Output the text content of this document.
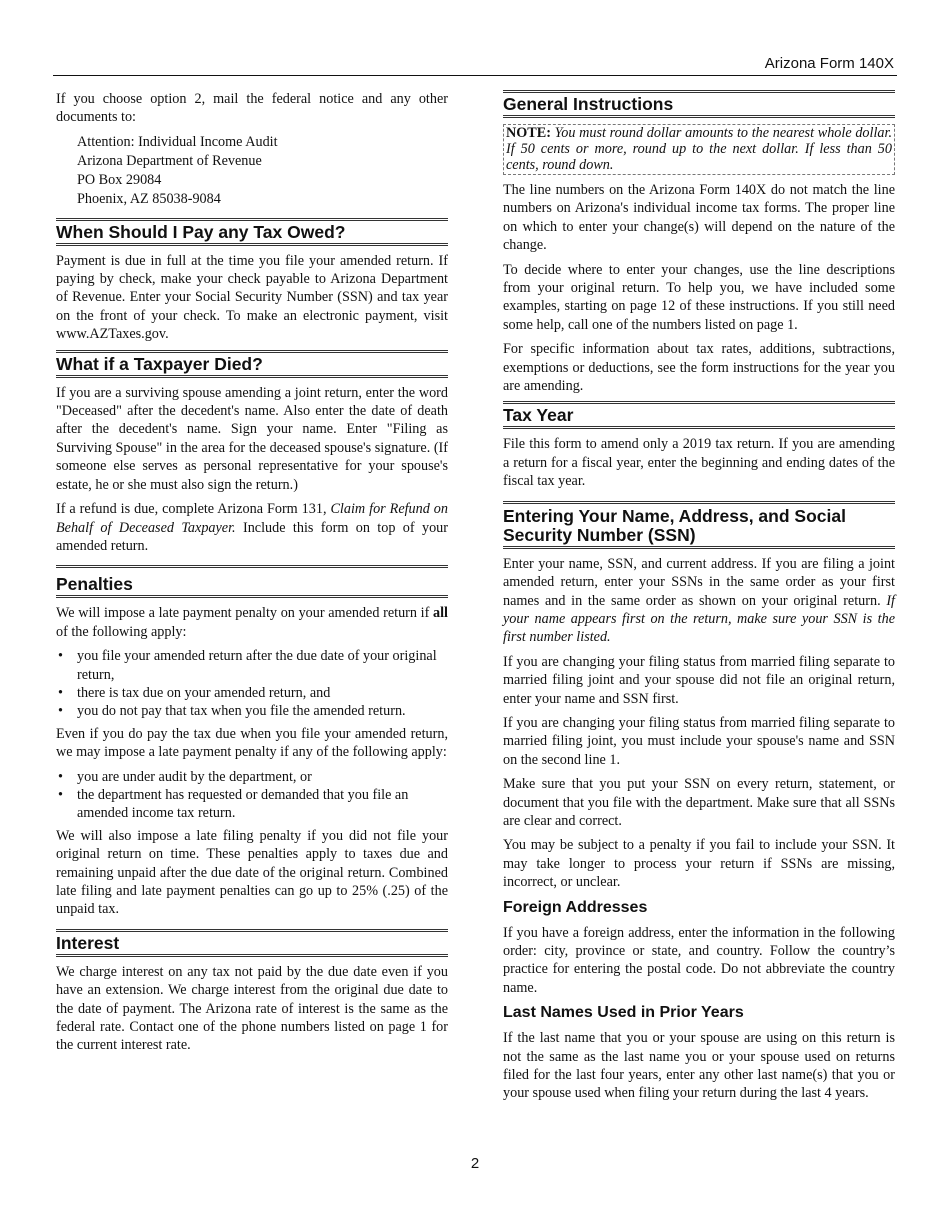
Arizona Form 140X

If you choose option 2, mail the federal notice and any other documents to:

Attention: Individual Income Audit
Arizona Department of Revenue
PO Box 29084
Phoenix, AZ 85038-9084
When Should I Pay any Tax Owed?

Payment is due in full at the time you file your amended return. If paying by check, make your check payable to Arizona Department of Revenue. Enter your Social Security Number (SSN) and tax year on the front of your check. To make an electronic payment, visit www.AZTaxes.gov.

What if a Taxpayer Died?

If you are a surviving spouse amending a joint return, enter the word "Deceased" after the decedent's name. Also enter the date of death after the decedent's name. Sign your name. Enter "Filing as Surviving Spouse" in the area for the deceased spouse's signature. (If someone else serves as personal representative for your spouse's estate, he or she must also sign the return.)

If a refund is due, complete Arizona Form 131, Claim for Refund on Behalf of Deceased Taxpayer. Include this form on top of your amended return.

Penalties

We will impose a late payment penalty on your amended return if all of the following apply:

• you file your amended return after the due date of your original return,
• there is tax due on your amended return, and
• you do not pay that tax when you file the amended return.

Even if you do pay the tax due when you file your amended return, we may impose a late payment penalty if any of the following apply:

• you are under audit by the department, or
• the department has requested or demanded that you file an amended income tax return.

We will also impose a late filing penalty if you did not file your original return on time. These penalties apply to taxes due and remaining unpaid after the due date of the original return. Combined late filing and late payment penalties can go up to 25% (.25) of the unpaid tax.

Interest

We charge interest on any tax not paid by the due date even if you have an extension. We charge interest from the original due date to the date of payment. The Arizona rate of interest is the same as the federal rate. Contact one of the phone numbers listed on page 1 for the current interest rate.

General Instructions
NOTE: You must round dollar amounts to the nearest whole dollar. If 50 cents or more, round up to the next dollar. If less than 50 cents, round down.

The line numbers on the Arizona Form 140X do not match the line numbers on Arizona's individual income tax forms. The proper line on which to enter your change(s) will depend on the nature of the change.

To decide where to enter your changes, use the line descriptions from your original return. To help you, we have included some examples, starting on page 12 of these instructions. If you still need some help, call one of the numbers listed on page 1.

For specific information about tax rates, additions, subtractions, exemptions or deductions, see the form instructions for the year you are amending.

Tax Year

File this form to amend only a 2019 tax return. If you are amending a return for a fiscal year, enter the beginning and ending dates of the fiscal tax year.

Entering Your Name, Address, and Social Security Number (SSN)

Enter your name, SSN, and current address. If you are filing a joint amended return, enter your SSNs in the same order as your first names and in the same order as shown on your original return. If your name appears first on the return, make sure your SSN is the first number listed.

If you are changing your filing status from married filing separate to married filing joint and your spouse did not file an original return, enter your name and SSN first.

If you are changing your filing status from married filing separate to married filing joint, you must include your spouse's name and SSN on the second line 1.

Make sure that you put your SSN on every return, statement, or document that you file with the department. Make sure that all SSNs are clear and correct.

You may be subject to a penalty if you fail to include your SSN. It may take longer to process your return if SSNs are missing, incorrect, or unclear.

Foreign Addresses

If you have a foreign address, enter the information in the following order: city, province or state, and country. Follow the country’s practice for entering the postal code. Do not abbreviate the country name.

Last Names Used in Prior Years

If the last name that you or your spouse are using on this return is not the same as the last name you or your spouse used on returns filed for the last four years, enter any other last name(s) that you or your spouse used when filing your return during the last 4 years.

2
